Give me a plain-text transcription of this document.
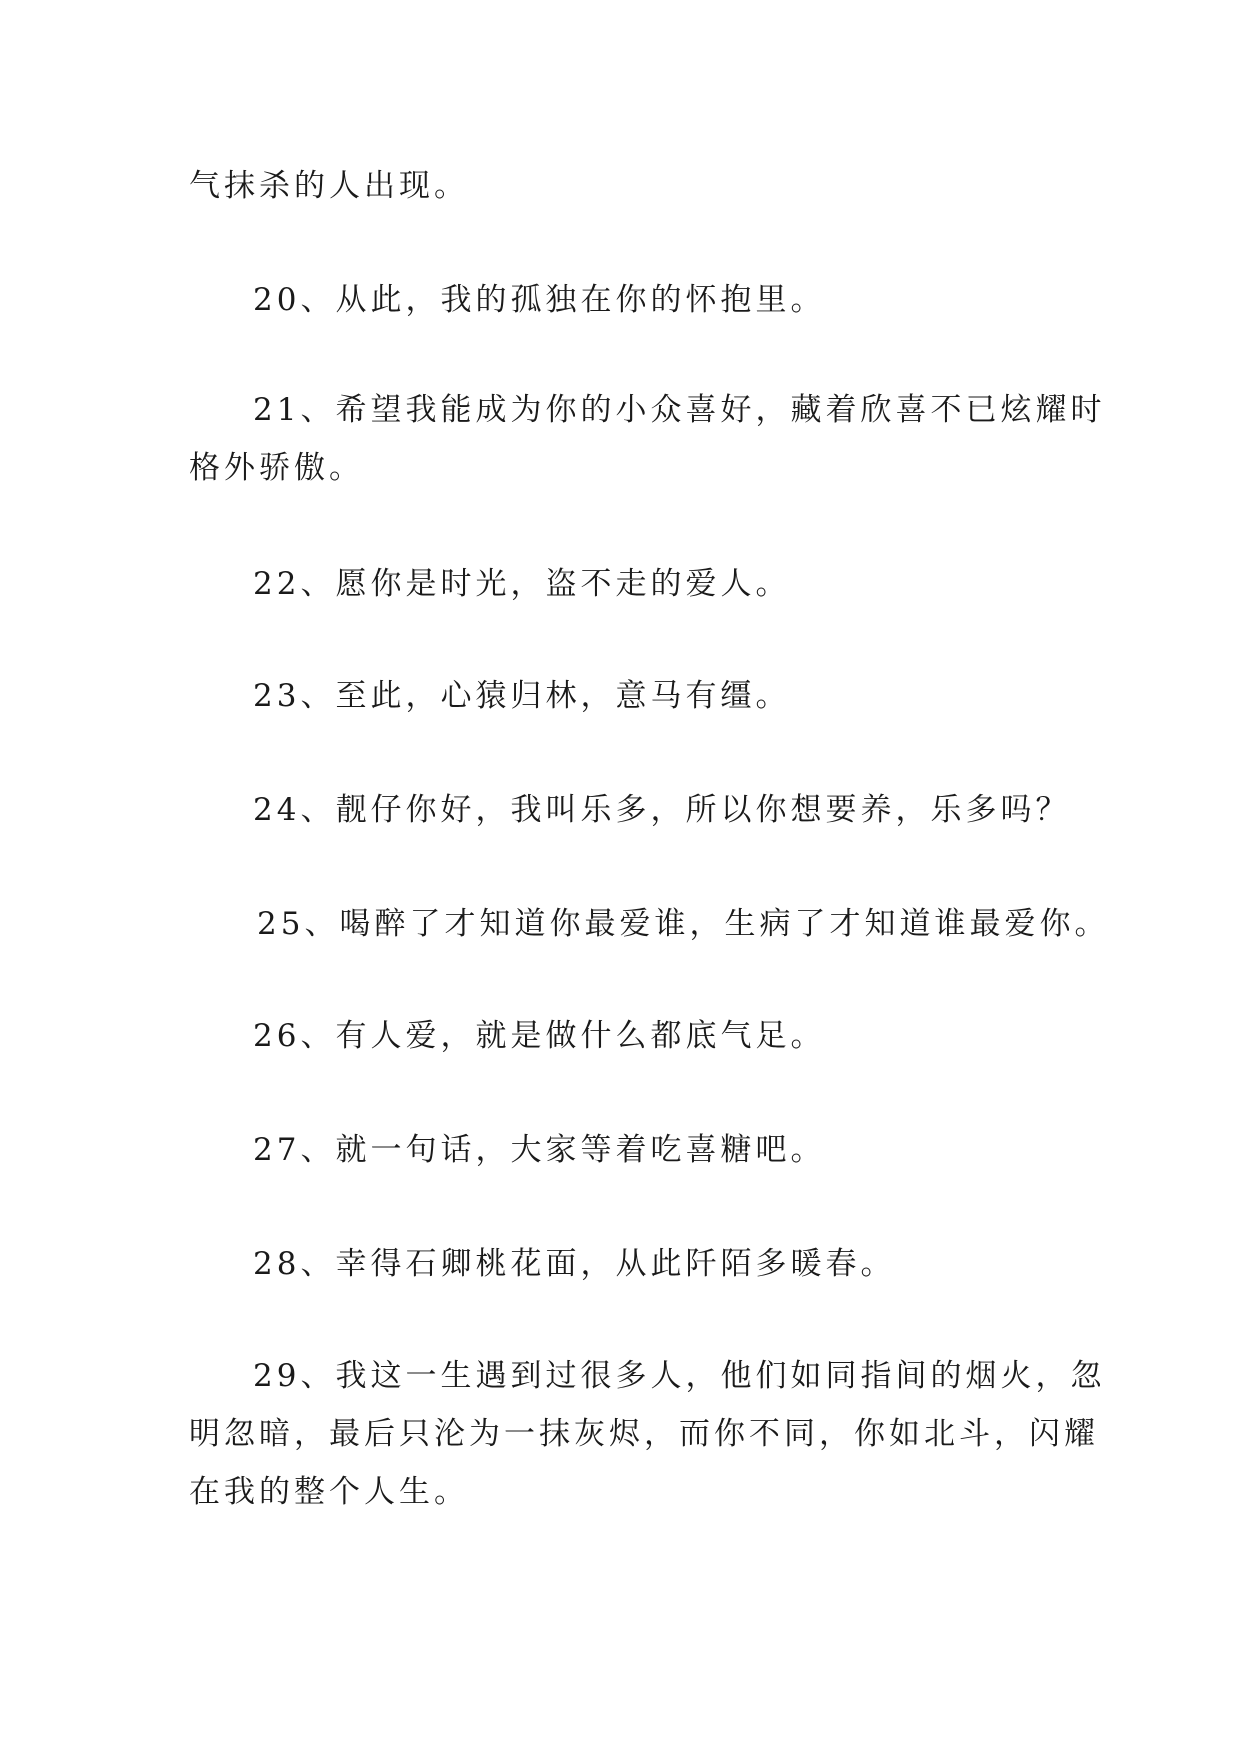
气抹杀的人出现。
20、从此，我的孤独在你的怀抱里。
21、希望我能成为你的小众喜好，藏着欣喜不已炫耀时
格外骄傲。
22、愿你是时光，盗不走的爱人。
23、至此，心猿归林，意马有缰。
24、靓仔你好，我叫乐多，所以你想要养，乐多吗？
25、喝醉了才知道你最爱谁，生病了才知道谁最爱你。
26、有人爱，就是做什么都底气足。
27、就一句话，大家等着吃喜糖吧。
28、幸得石卿桃花面，从此阡陌多暖春。
29、我这一生遇到过很多人，他们如同指间的烟火，忽
明忽暗，最后只沦为一抹灰烬，而你不同，你如北斗，闪耀
在我的整个人生。
